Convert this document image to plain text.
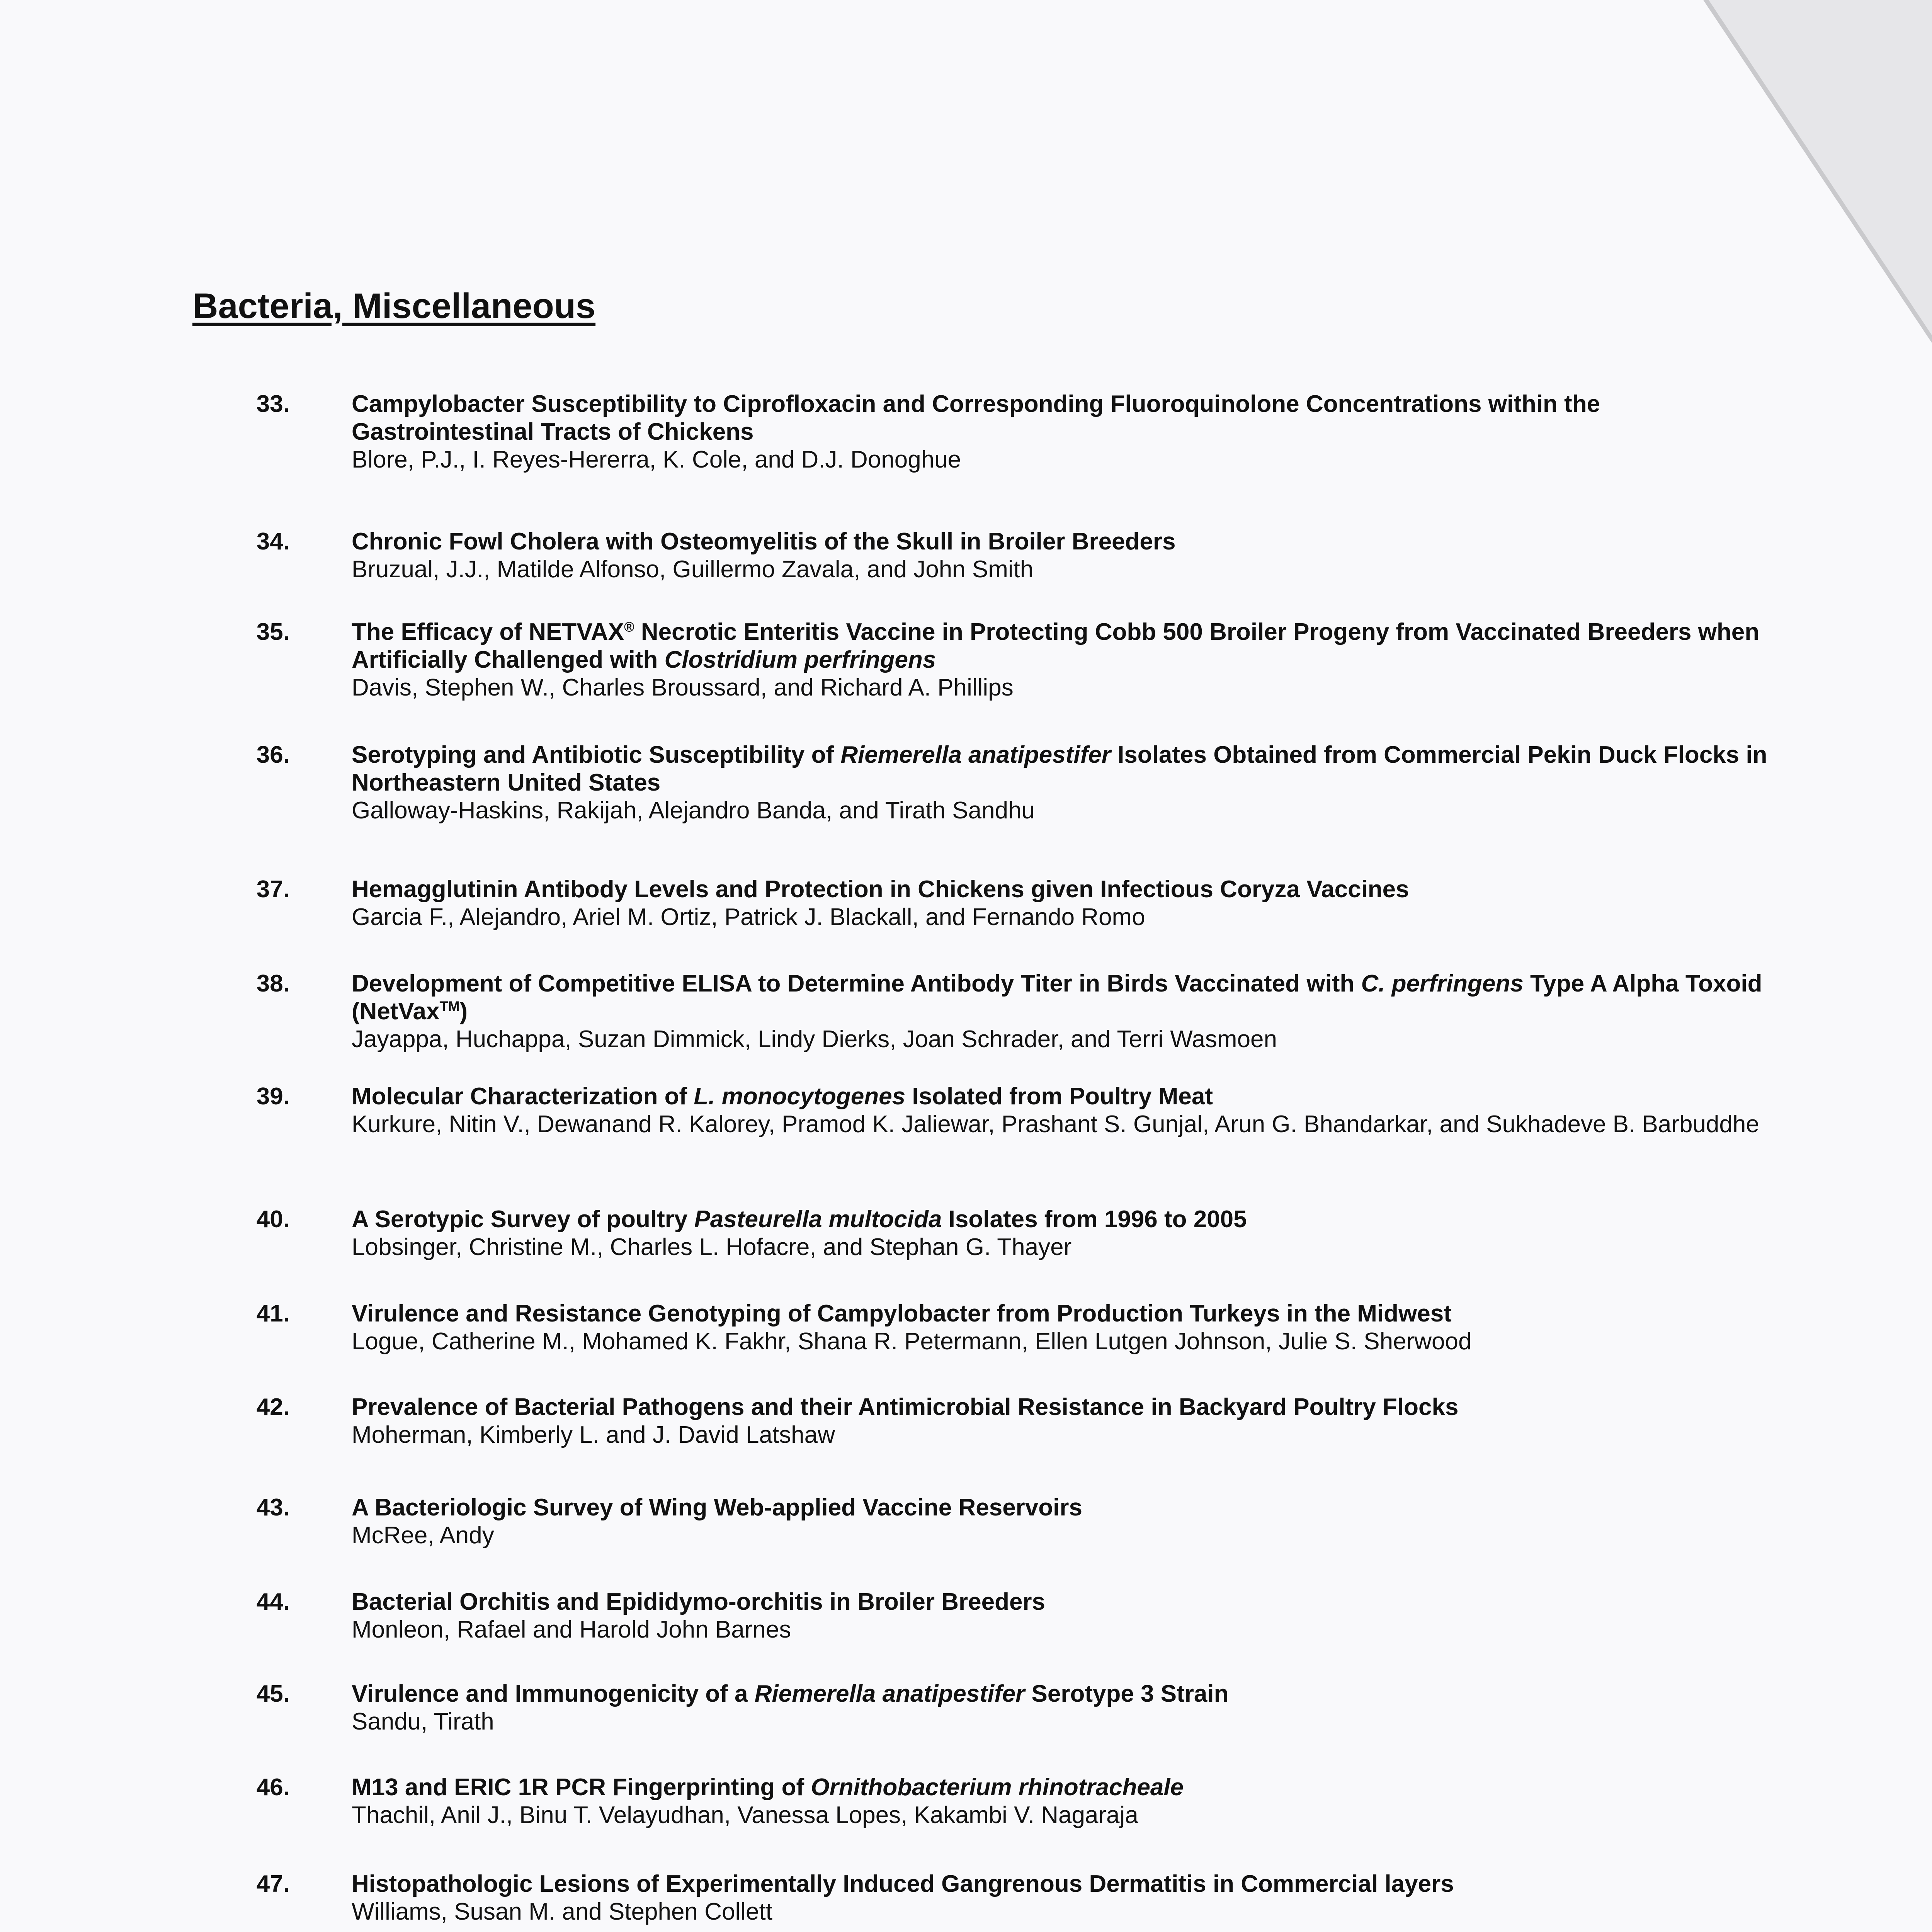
Bacteria, Miscellaneous
33.	Campylobacter Susceptibility to Ciprofloxacin and Corresponding Fluoroquinolone Concentrations within the Gastrointestinal Tracts of Chickens
Blore, P.J., I. Reyes-Hererra, K. Cole, and D.J. Donoghue
34.	Chronic Fowl Cholera with Osteomyelitis of the Skull in Broiler Breeders
Bruzual, J.J., Matilde Alfonso, Guillermo Zavala, and John Smith
35.	The Efficacy of NETVAX® Necrotic Enteritis Vaccine in Protecting Cobb 500 Broiler Progeny from Vaccinated Breeders when Artificially Challenged with Clostridium perfringens
Davis, Stephen W., Charles Broussard, and Richard A. Phillips
36.	Serotyping and Antibiotic Susceptibility of Riemerella anatipestifer Isolates Obtained from Commercial Pekin Duck Flocks in Northeastern United States
Galloway-Haskins, Rakijah, Alejandro Banda, and Tirath Sandhu
37.	Hemagglutinin Antibody Levels and Protection in Chickens given Infectious Coryza Vaccines
Garcia F., Alejandro, Ariel M. Ortiz, Patrick J. Blackall, and Fernando Romo
38.	Development of Competitive ELISA to Determine Antibody Titer in Birds Vaccinated with C. perfringens Type A Alpha Toxoid (NetVax™)
Jayappa, Huchappa, Suzan Dimmick, Lindy Dierks, Joan Schrader, and Terri Wasmoen
39.	Molecular Characterization of L. monocytogenes Isolated from Poultry Meat
Kurkure, Nitin V., Dewanand R. Kalorey, Pramod K. Jaliewar, Prashant S. Gunjal, Arun G. Bhandarkar, and Sukhadeve B. Barbuddhe
40.	A Serotypic Survey of poultry Pasteurella multocida Isolates from 1996 to 2005
Lobsinger, Christine M., Charles L. Hofacre, and Stephan G. Thayer
41.	Virulence and Resistance Genotyping of Campylobacter from Production Turkeys in the Midwest
Logue, Catherine M., Mohamed K. Fakhr, Shana R. Petermann, Ellen Lutgen Johnson, Julie S. Sherwood
42.	Prevalence of Bacterial Pathogens and their Antimicrobial Resistance in Backyard Poultry Flocks
Moherman, Kimberly L. and J. David Latshaw
43.	A Bacteriologic Survey of Wing Web-applied Vaccine Reservoirs
McRee, Andy
44.	Bacterial Orchitis and Epididymo-orchitis in Broiler Breeders
Monleon, Rafael and Harold John Barnes
45.	Virulence and Immunogenicity of a Riemerella anatipestifer Serotype 3 Strain
Sandu, Tirath
46.	M13 and ERIC 1R PCR Fingerprinting of Ornithobacterium rhinotracheale
Thachil, Anil J., Binu T. Velayudhan, Vanessa Lopes, Kakambi V. Nagaraja
47.	Histopathologic Lesions of Experimentally Induced Gangrenous Dermatitis in Commercial layers
Williams, Susan M. and Stephen Collett
